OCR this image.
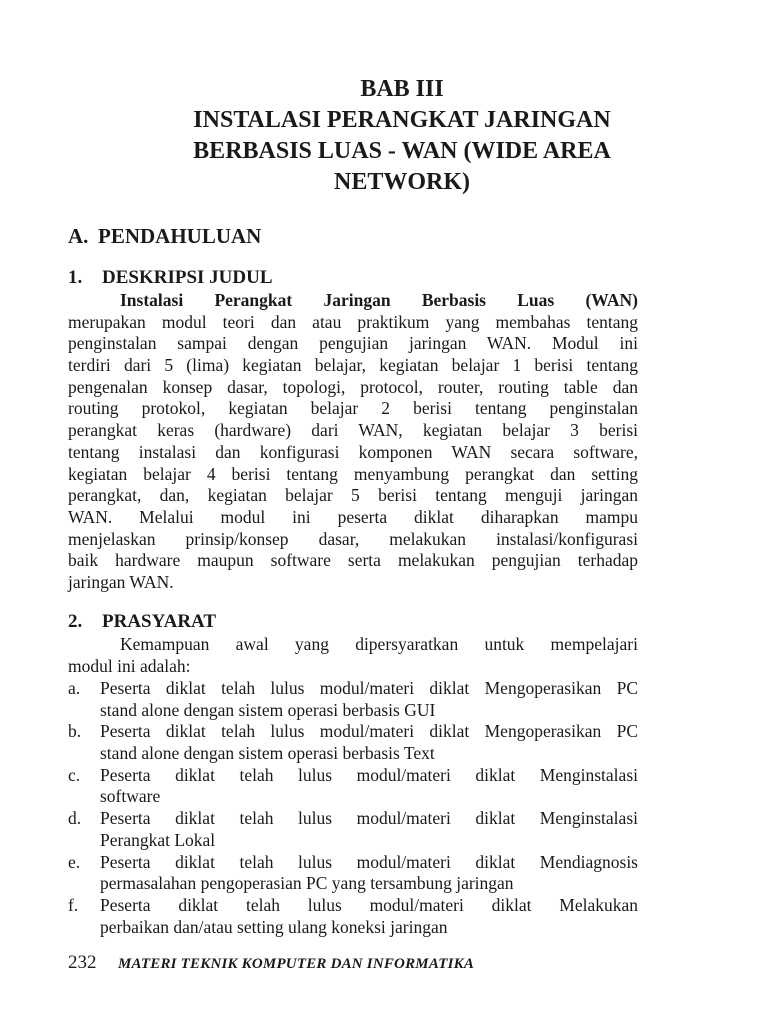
BAB III
INSTALASI PERANGKAT JARINGAN
BERBASIS LUAS - WAN (WIDE AREA
NETWORK)
A. PENDAHULUAN
1. DESKRIPSI JUDUL
Instalasi Perangkat Jaringan Berbasis Luas (WAN)
merupakan modul teori dan atau praktikum yang membahas tentang
penginstalan sampai dengan pengujian jaringan WAN. Modul ini
terdiri dari 5 (lima) kegiatan belajar, kegiatan belajar 1 berisi tentang
pengenalan konsep dasar, topologi, protocol, router, routing table dan
routing protokol, kegiatan belajar 2 berisi tentang penginstalan
perangkat keras (hardware) dari WAN, kegiatan belajar 3 berisi
tentang instalasi dan konfigurasi komponen WAN secara software,
kegiatan belajar 4 berisi tentang menyambung perangkat dan setting
perangkat, dan, kegiatan belajar 5 berisi tentang menguji jaringan
WAN. Melalui modul ini peserta diklat diharapkan mampu
menjelaskan prinsip/konsep dasar, melakukan instalasi/konfigurasi
baik hardware maupun software serta melakukan pengujian terhadap
jaringan WAN.
2. PRASYARAT
Kemampuan awal yang dipersyaratkan untuk mempelajari
modul ini adalah:
a. Peserta diklat telah lulus modul/materi diklat Mengoperasikan PC
stand alone dengan sistem operasi berbasis GUI
b. Peserta diklat telah lulus modul/materi diklat Mengoperasikan PC
stand alone dengan sistem operasi berbasis Text
c. Peserta diklat telah lulus modul/materi diklat Menginstalasi
software
d. Peserta diklat telah lulus modul/materi diklat Menginstalasi
Perangkat Lokal
e. Peserta diklat telah lulus modul/materi diklat Mendiagnosis
permasalahan pengoperasian PC yang tersambung jaringan
f. Peserta diklat telah lulus modul/materi diklat Melakukan
perbaikan dan/atau setting ulang koneksi jaringan
232 MATERI TEKNIK KOMPUTER DAN INFORMATIKA
